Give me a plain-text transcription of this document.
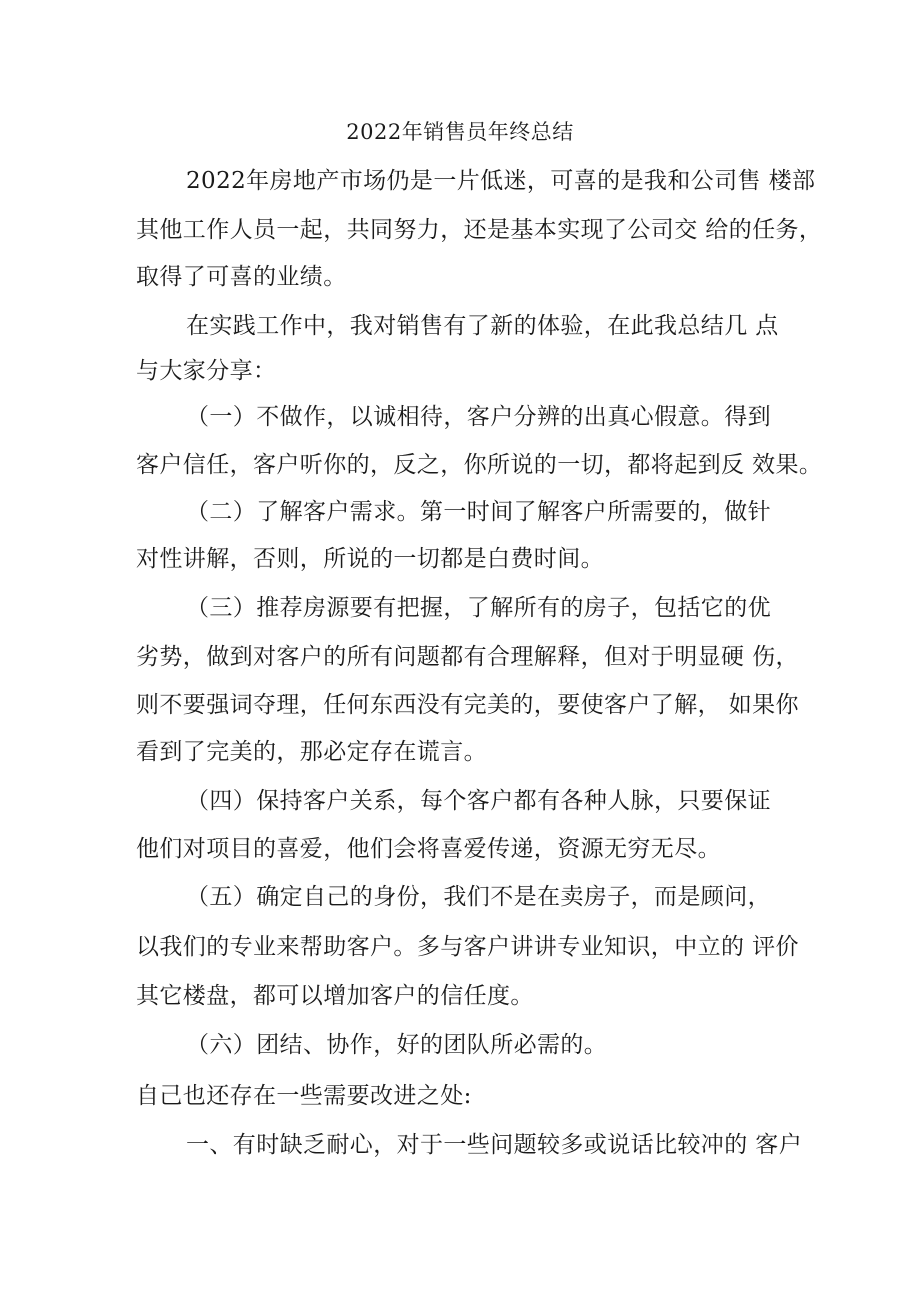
2022年销售员年终总结
2022年房地产市场仍是一片低迷，可喜的是我和公司售 楼部
其他工作人员一起，共同努力，还是基本实现了公司交 给的任务，
取得了可喜的业绩。
在实践工作中，我对销售有了新的体验，在此我总结几 点
与大家分享：
（一）不做作，以诚相待，客户分辨的出真心假意。得到
客户信任，客户听你的，反之，你所说的一切，都将起到反 效果。
（二）了解客户需求。第一时间了解客户所需要的，做针
对性讲解，否则，所说的一切都是白费时间。
（三）推荐房源要有把握，了解所有的房子，包括它的优
劣势，做到对客户的所有问题都有合理解释，但对于明显硬 伤，
则不要强词夺理，任何东西没有完美的，要使客户了解， 如果你
看到了完美的，那必定存在谎言。
（四）保持客户关系，每个客户都有各种人脉，只要保证
他们对项目的喜爱，他们会将喜爱传递，资源无穷无尽。
（五）确定自己的身份，我们不是在卖房子，而是顾问，
以我们的专业来帮助客户。多与客户讲讲专业知识，中立的 评价
其它楼盘，都可以增加客户的信任度。
（六）团结、协作，好的团队所必需的。
自己也还存在一些需要改进之处:
一、有时缺乏耐心，对于一些问题较多或说话比较冲的 客户
